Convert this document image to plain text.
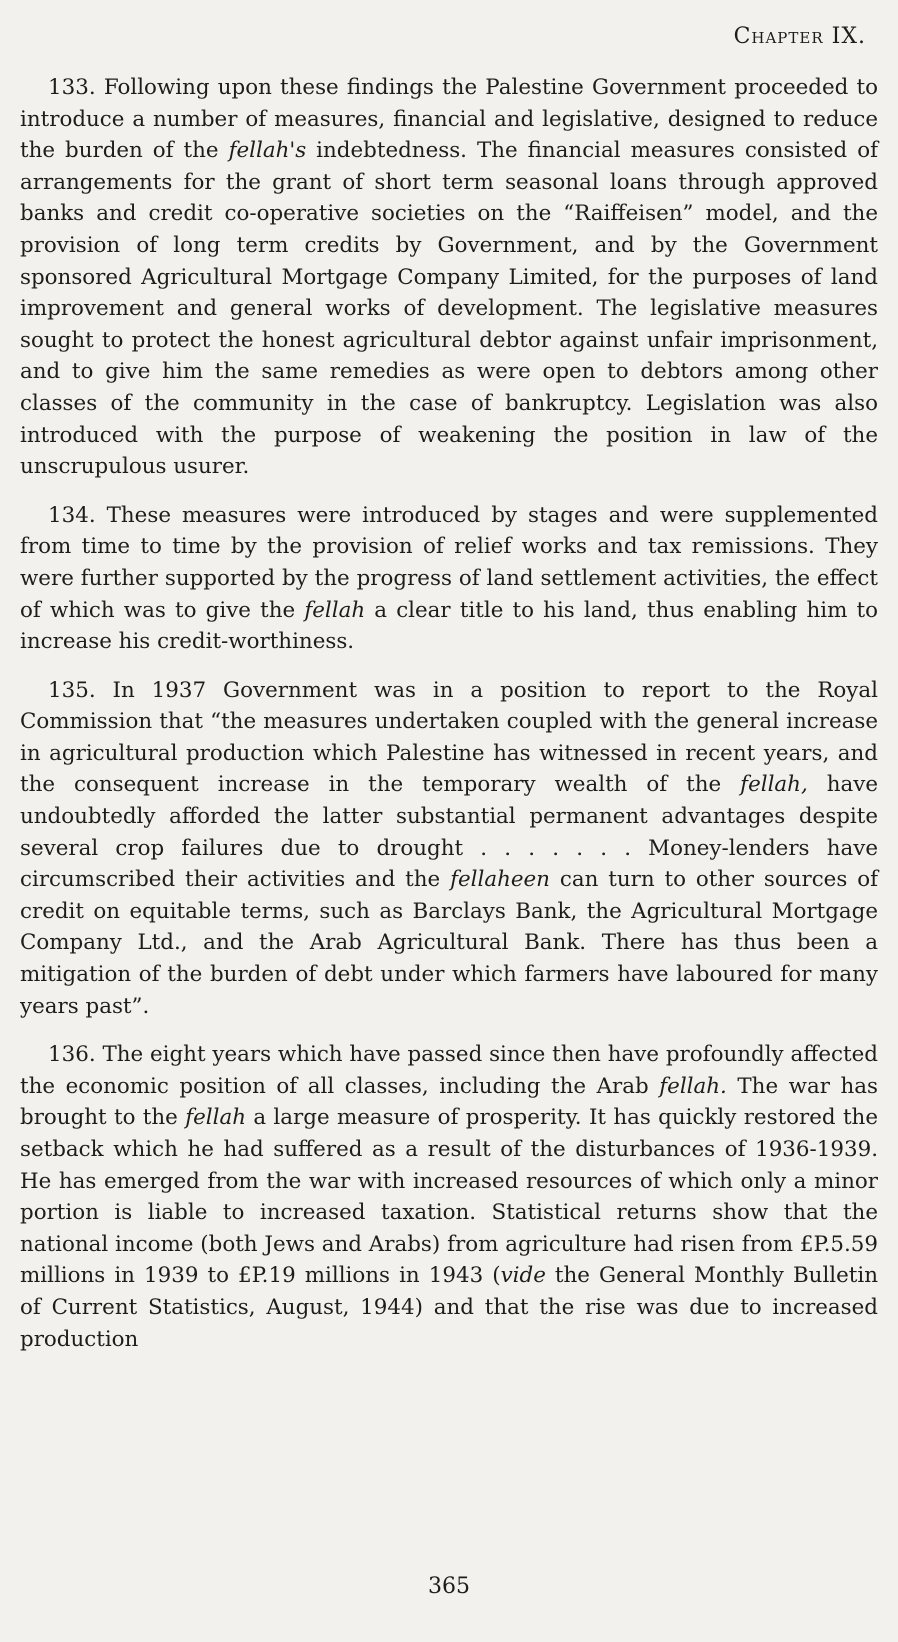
Chapter IX.

133. Following upon these findings the Palestine Government proceeded to introduce a number of measures, financial and legislative, designed to reduce the burden of the fellah's indebtedness. The financial measures consisted of arrangements for the grant of short term seasonal loans through approved banks and credit co-operative societies on the “Raiffeisen” model, and the provision of long term credits by Government, and by the Government sponsored Agricultural Mortgage Company Limited, for the purposes of land improvement and general works of development. The legislative measures sought to protect the honest agricultural debtor against unfair imprisonment, and to give him the same remedies as were open to debtors among other classes of the community in the case of bankruptcy. Legislation was also introduced with the purpose of weakening the position in law of the unscrupulous usurer.

134. These measures were introduced by stages and were supplemented from time to time by the provision of relief works and tax remissions. They were further supported by the progress of land settlement activities, the effect of which was to give the fellah a clear title to his land, thus enabling him to increase his credit-worthiness.

135. In 1937 Government was in a position to report to the Royal Commission that “the measures undertaken coupled with the general increase in agricultural production which Palestine has witnessed in recent years, and the consequent increase in the temporary wealth of the fellah, have undoubtedly afforded the latter substantial permanent advantages despite several crop failures due to drought . . . . . . . Money-lenders have circumscribed their activities and the fellaheen can turn to other sources of credit on equitable terms, such as Barclays Bank, the Agricultural Mortgage Company Ltd., and the Arab Agricultural Bank. There has thus been a mitigation of the burden of debt under which farmers have laboured for many years past”.

136. The eight years which have passed since then have profoundly affected the economic position of all classes, including the Arab fellah. The war has brought to the fellah a large measure of prosperity. It has quickly restored the setback which he had suffered as a result of the disturbances of 1936-1939. He has emerged from the war with increased resources of which only a minor portion is liable to increased taxation. Statistical returns show that the national income (both Jews and Arabs) from agriculture had risen from £P.5.59 millions in 1939 to £P.19 millions in 1943 (vide the General Monthly Bulletin of Current Statistics, August, 1944) and that the rise was due to increased production

365
